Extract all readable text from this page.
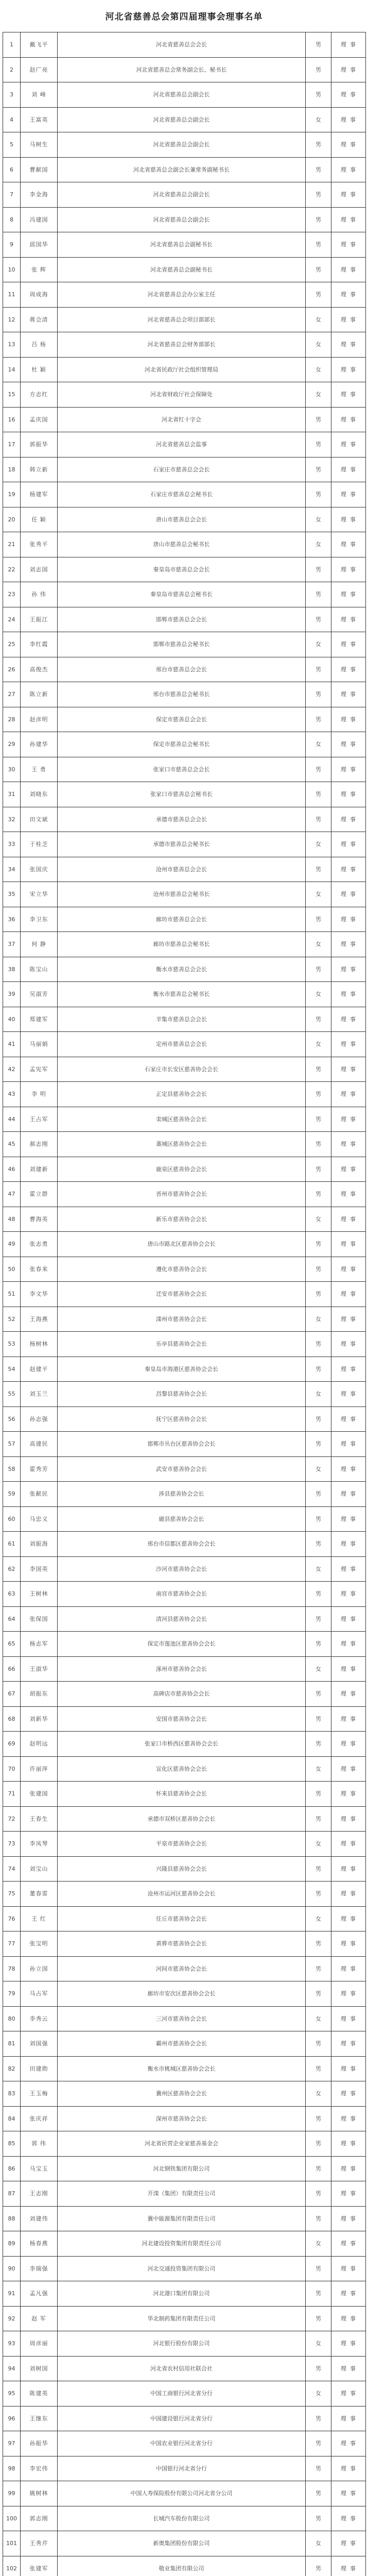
河北省慈善总会第四届理事会理事名单
1	戴飞平	河北省慈善总会会长	男	理事
2	赵广亮	河北省慈善总会常务副会长、秘书长	男	理事
3	刘 峰	河北省慈善总会副会长	男	理事
4	王富英	河北省慈善总会副会长	女	理事
5	马树生	河北省慈善总会副会长	男	理事
6	曹献国	河北省慈善总会副会长兼常务副秘书长	男	理事
7	李金海	河北省慈善总会副会长	男	理事
8	冯建国	河北省慈善总会副会长	男	理事
9	邱国华	河北省慈善总会副秘书长	男	理事
10	张 辉	河北省慈善总会副秘书长	男	理事
11	周成海	河北省慈善总会办公室主任	男	理事
12	蒋会清	河北省慈善总会项目部部长	女	理事
13	吕 杨	河北省慈善总会财务部部长	女	理事
14	杜 颖	河北省民政厅社会组织管理局	女	理事
15	方志红	河北省财政厅社会保障处	女	理事
16	孟庆国	河北省红十字会	男	理事
17	郭振华	河北省慈善总会监事	男	理事
18	韩立新	石家庄市慈善总会会长	男	理事
19	杨建军	石家庄市慈善总会秘书长	男	理事
20	任 颖	唐山市慈善总会会长	女	理事
21	张秀平	唐山市慈善总会秘书长	女	理事
22	刘志国	秦皇岛市慈善总会会长	男	理事
23	孙 伟	秦皇岛市慈善总会秘书长	男	理事
24	王振江	邯郸市慈善总会会长	男	理事
25	李红霞	邯郸市慈善总会秘书长	女	理事
26	高俊杰	邢台市慈善总会会长	男	理事
27	陈立新	邢台市慈善总会秘书长	男	理事
28	赵彦明	保定市慈善总会会长	男	理事
29	孙建华	保定市慈善总会秘书长	女	理事
30	王 勇	张家口市慈善总会会长	男	理事
31	刘晓东	张家口市慈善总会秘书长	男	理事
32	田文斌	承德市慈善总会会长	男	理事
33	于桂芝	承德市慈善总会秘书长	女	理事
34	张国庆	沧州市慈善总会会长	男	理事
35	宋立华	沧州市慈善总会秘书长	女	理事
36	李卫东	廊坊市慈善总会会长	男	理事
37	何 静	廊坊市慈善总会秘书长	女	理事
38	陈宝山	衡水市慈善总会会长	男	理事
39	吴淑芳	衡水市慈善总会秘书长	女	理事
40	郑建军	辛集市慈善总会会长	男	理事
41	马丽娟	定州市慈善总会会长	女	理事
42	孟宪军	石家庄市长安区慈善协会会长	男	理事
43	李 明	正定县慈善协会会长	男	理事
44	王占军	栾城区慈善协会会长	男	理事
45	郝志刚	藁城区慈善协会会长	男	理事
46	刘建新	鹿泉区慈善协会会长	男	理事
47	霍立群	晋州市慈善协会会长	男	理事
48	曹海英	新乐市慈善协会会长	女	理事
49	张志勇	唐山市路北区慈善协会会长	男	理事
50	张春来	遵化市慈善协会会长	男	理事
51	李文华	迁安市慈善协会会长	男	理事
52	王海燕	滦州市慈善协会会长	女	理事
53	杨树林	乐亭县慈善协会会长	男	理事
54	赵建平	秦皇岛市海港区慈善协会会长	男	理事
55	刘玉兰	昌黎县慈善协会会长	女	理事
56	孙志强	抚宁区慈善协会会长	男	理事
57	高建民	邯郸市丛台区慈善协会会长	男	理事
58	霍秀芳	武安市慈善协会会长	女	理事
59	张献民	涉县慈善协会会长	男	理事
60	马忠义	磁县慈善协会会长	男	理事
61	刘振海	邢台市信都区慈善协会会长	男	理事
62	李国英	沙河市慈善协会会长	女	理事
63	王树林	南宫市慈善协会会长	男	理事
64	张保国	清河县慈善协会会长	男	理事
65	杨志军	保定市莲池区慈善协会会长	男	理事
66	王淑华	涿州市慈善协会会长	女	理事
67	胡振东	高碑店市慈善协会会长	男	理事
68	刘新华	安国市慈善协会会长	男	理事
69	赵明远	张家口市桥西区慈善协会会长	男	理事
70	许丽萍	宣化区慈善协会会长	女	理事
71	张建国	怀来县慈善协会会长	男	理事
72	王春生	承德市双桥区慈善协会会长	男	理事
73	李凤琴	平泉市慈善协会会长	女	理事
74	刘宝山	兴隆县慈善协会会长	男	理事
75	董春雷	沧州市运河区慈善协会会长	男	理事
76	王 红	任丘市慈善协会会长	女	理事
77	张宝明	黄骅市慈善协会会长	男	理事
78	孙立国	河间市慈善协会会长	男	理事
79	马占军	廊坊市安次区慈善协会会长	男	理事
80	李秀云	三河市慈善协会会长	女	理事
81	刘国强	霸州市慈善协会会长	男	理事
82	田建勋	衡水市桃城区慈善协会会长	男	理事
83	王玉梅	冀州区慈善协会会长	女	理事
84	张庆祥	深州市慈善协会会长	男	理事
85	郭 伟	河北省民营企业家慈善基金会	男	理事
86	马宝玉	河北钢铁集团有限公司	男	理事
87	王志刚	开滦（集团）有限责任公司	男	理事
88	刘建伟	冀中能源集团有限责任公司	男	理事
89	杨春燕	河北建设投资集团有限责任公司	女	理事
90	李瑞强	河北交通投资集团有限公司	男	理事
91	孟凡强	河北港口集团有限公司	男	理事
92	赵 军	华北制药集团有限责任公司	男	理事
93	周彦丽	河北银行股份有限公司	女	理事
94	刘树国	河北省农村信用社联合社	男	理事
95	陈建英	中国工商银行河北省分行	女	理事
96	王继东	中国建设银行河北省分行	男	理事
97	孙振华	中国农业银行河北省分行	男	理事
98	李宏伟	中国银行河北省分行	男	理事
99	姚树林	中国人寿保险股份有限公司河北省分公司	男	理事
100	郭志刚	长城汽车股份有限公司	男	理事
101	王秀芹	新奥集团股份有限公司	女	理事
102	张建军	敬业集团有限公司	男	理事
